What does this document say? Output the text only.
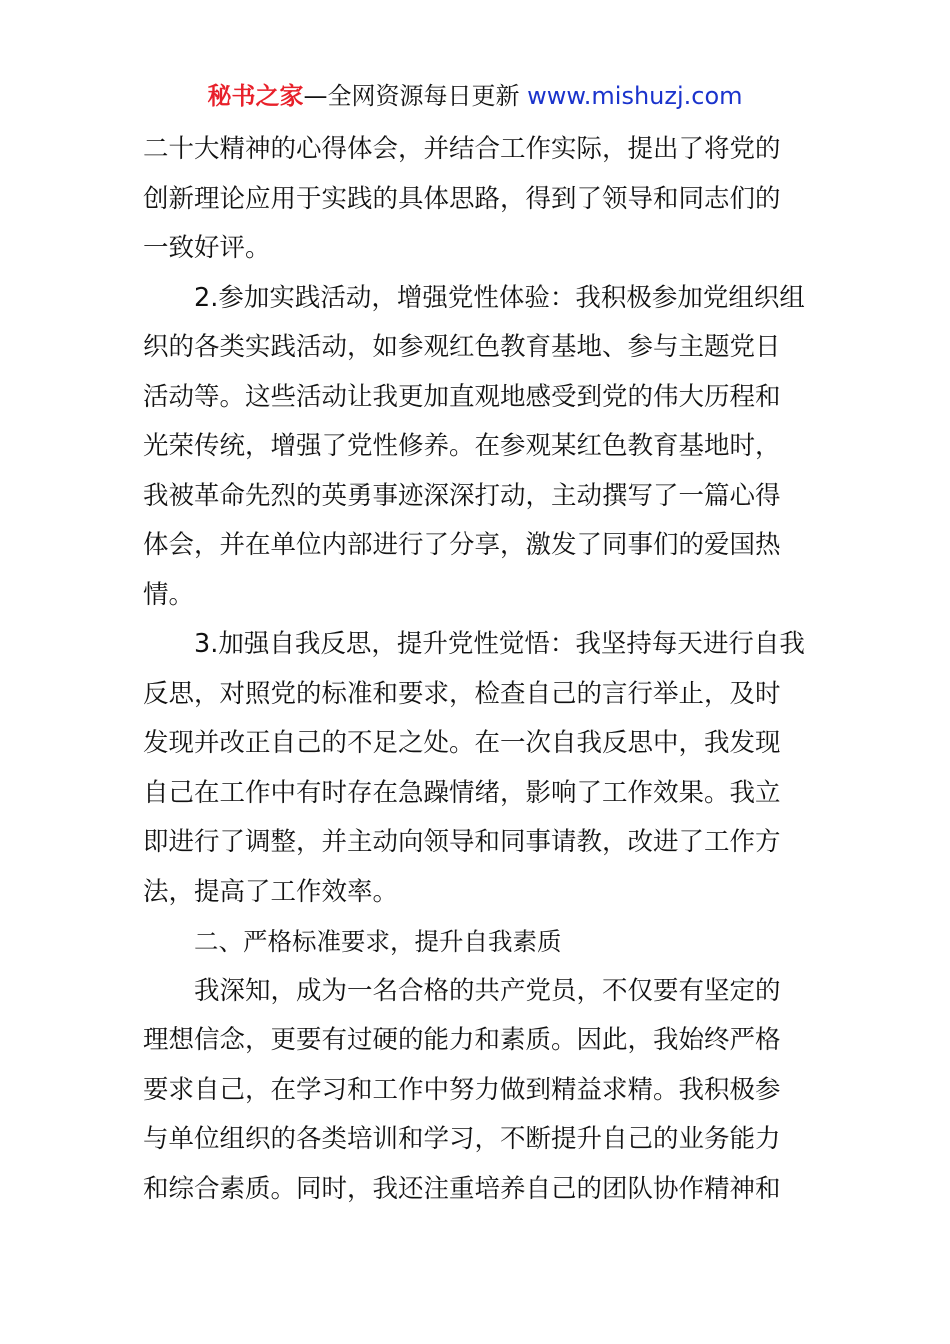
秘书之家—全网资源每日更新 www.mishuzj.com
二十大精神的心得体会，并结合工作实际，提出了将党的
创新理论应用于实践的具体思路，得到了领导和同志们的
一致好评。
2.参加实践活动，增强党性体验：我积极参加党组织组
织的各类实践活动，如参观红色教育基地、参与主题党日
活动等。这些活动让我更加直观地感受到党的伟大历程和
光荣传统，增强了党性修养。在参观某红色教育基地时，
我被革命先烈的英勇事迹深深打动，主动撰写了一篇心得
体会，并在单位内部进行了分享，激发了同事们的爱国热
情。
3.加强自我反思，提升党性觉悟：我坚持每天进行自我
反思，对照党的标准和要求，检查自己的言行举止，及时
发现并改正自己的不足之处。在一次自我反思中，我发现
自己在工作中有时存在急躁情绪，影响了工作效果。我立
即进行了调整，并主动向领导和同事请教，改进了工作方
法，提高了工作效率。
二、严格标准要求，提升自我素质
我深知，成为一名合格的共产党员，不仅要有坚定的
理想信念，更要有过硬的能力和素质。因此，我始终严格
要求自己，在学习和工作中努力做到精益求精。我积极参
与单位组织的各类培训和学习，不断提升自己的业务能力
和综合素质。同时，我还注重培养自己的团队协作精神和
